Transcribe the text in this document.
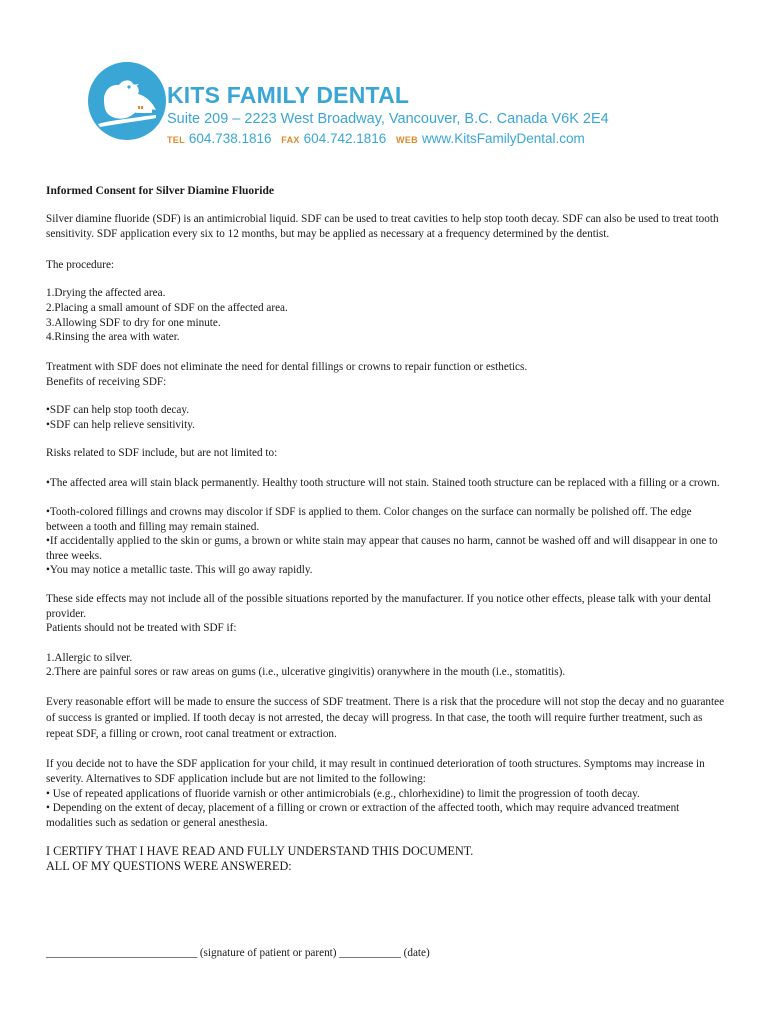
KITS FAMILY DENTAL
Suite 209 – 2223 West Broadway, Vancouver, B.C. Canada V6K 2E4
TEL 604.738.1816 FAX 604.742.1816 WEB www.KitsFamilyDental.com
Informed Consent for Silver Diamine Fluoride
Silver diamine fluoride (SDF) is an antimicrobial liquid. SDF can be used to treat cavities to help stop tooth decay. SDF can also be used to treat tooth sensitivity. SDF application every six to 12 months, but may be applied as necessary at a frequency determined by the dentist.
The procedure:
1.Drying the affected area.
2.Placing a small amount of SDF on the affected area.
3.Allowing SDF to dry for one minute.
4.Rinsing the area with water.
Treatment with SDF does not eliminate the need for dental fillings or crowns to repair function or esthetics.
Benefits of receiving SDF:
•SDF can help stop tooth decay.
•SDF can help relieve sensitivity.
Risks related to SDF include, but are not limited to:
•The affected area will stain black permanently. Healthy tooth structure will not stain. Stained tooth structure can be replaced with a filling or a crown.
•Tooth-colored fillings and crowns may discolor if SDF is applied to them. Color changes on the surface can normally be polished off. The edge between a tooth and filling may remain stained.
•If accidentally applied to the skin or gums, a brown or white stain may appear that causes no harm, cannot be washed off and will disappear in one to three weeks.
•You may notice a metallic taste. This will go away rapidly.
These side effects may not include all of the possible situations reported by the manufacturer. If you notice other effects, please talk with your dental provider.
Patients should not be treated with SDF if:
1.Allergic to silver.
2.There are painful sores or raw areas on gums (i.e., ulcerative gingivitis) oranywhere in the mouth (i.e., stomatitis).
Every reasonable effort will be made to ensure the success of SDF treatment. There is a risk that the procedure will not stop the decay and no guarantee of success is granted or implied. If tooth decay is not arrested, the decay will progress. In that case, the tooth will require further treatment, such as repeat SDF, a filling or crown, root canal treatment or extraction.
If you decide not to have the SDF application for your child, it may result in continued deterioration of tooth structures. Symptoms may increase in severity. Alternatives to SDF application include but are not limited to the following:
• Use of repeated applications of fluoride varnish or other antimicrobials (e.g., chlorhexidine) to limit the progression of tooth decay.
• Depending on the extent of decay, placement of a filling or crown or extraction of the affected tooth, which may require advanced treatment modalities such as sedation or general anesthesia.
I CERTIFY THAT I HAVE READ AND FULLY UNDERSTAND THIS DOCUMENT.
ALL OF MY QUESTIONS WERE ANSWERED:
___________________________ (signature of patient or parent) ___________ (date)
